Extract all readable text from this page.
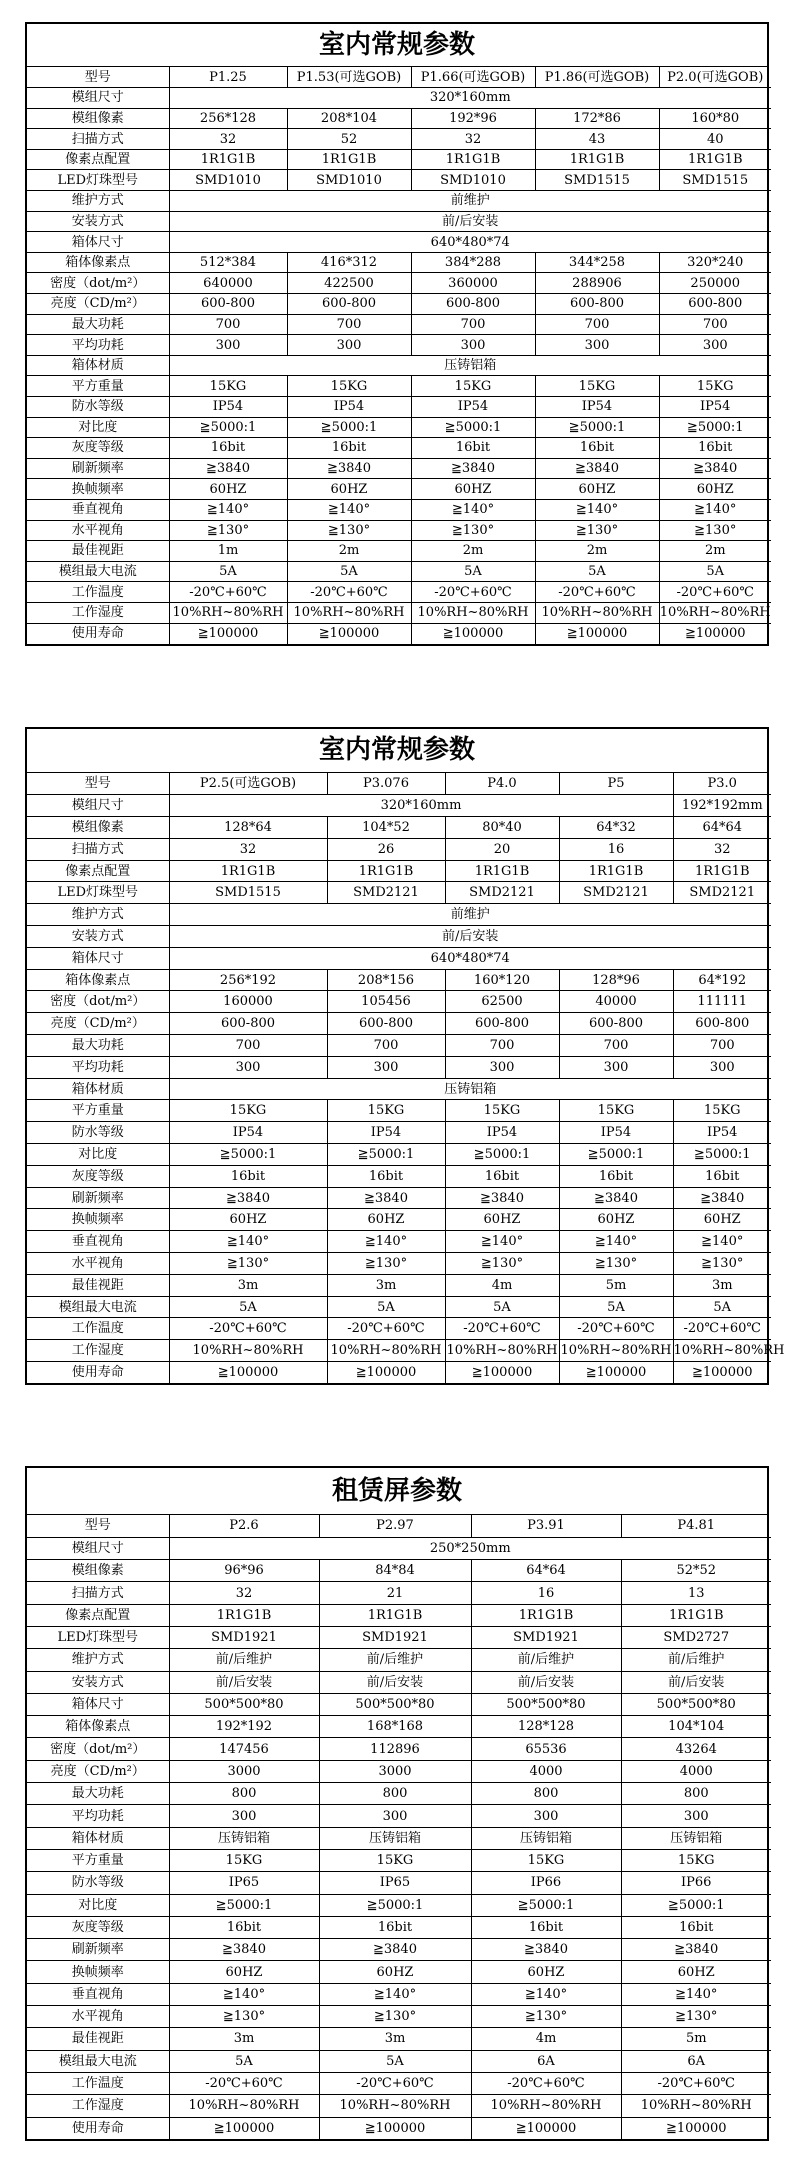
室内常规参数
型号	P1.25	P1.53(可选GOB)	P1.66(可选GOB)	P1.86(可选GOB)	P2.0(可选GOB)
模组尺寸	320*160mm				
模组像素	256*128	208*104	192*96	172*86	160*80
扫描方式	32	52	32	43	40
像素点配置	1R1G1B	1R1G1B	1R1G1B	1R1G1B	1R1G1B
LED灯珠型号	SMD1010	SMD1010	SMD1010	SMD1515	SMD1515
维护方式	前维护				
安装方式	前/后安装				
箱体尺寸	640*480*74				
箱体像素点	512*384	416*312	384*288	344*258	320*240
密度（dot/m²）	640000	422500	360000	288906	250000
亮度（CD/m²）	600-800	600-800	600-800	600-800	600-800
最大功耗	700	700	700	700	700
平均功耗	300	300	300	300	300
箱体材质	压铸铝箱				
平方重量	15KG	15KG	15KG	15KG	15KG
防水等级	IP54	IP54	IP54	IP54	IP54
对比度	≧5000:1	≧5000:1	≧5000:1	≧5000:1	≧5000:1
灰度等级	16bit	16bit	16bit	16bit	16bit
刷新频率	≧3840	≧3840	≧3840	≧3840	≧3840
换帧频率	60HZ	60HZ	60HZ	60HZ	60HZ
垂直视角	≧140°	≧140°	≧140°	≧140°	≧140°
水平视角	≧130°	≧130°	≧130°	≧130°	≧130°
最佳视距	1m	2m	2m	2m	2m
模组最大电流	5A	5A	5A	5A	5A
工作温度	-20℃+60℃	-20℃+60℃	-20℃+60℃	-20℃+60℃	-20℃+60℃
工作湿度	10%RH~80%RH	10%RH~80%RH	10%RH~80%RH	10%RH~80%RH	10%RH~80%RH
使用寿命	≧100000	≧100000	≧100000	≧100000	≧100000
室内常规参数
型号	P2.5(可选GOB)	P3.076	P4.0	P5	P3.0
模组尺寸	320*160mm				192*192mm
模组像素	128*64	104*52	80*40	64*32	64*64
扫描方式	32	26	20	16	32
像素点配置	1R1G1B	1R1G1B	1R1G1B	1R1G1B	1R1G1B
LED灯珠型号	SMD1515	SMD2121	SMD2121	SMD2121	SMD2121
维护方式	前维护				
安装方式	前/后安装				
箱体尺寸	640*480*74				
箱体像素点	256*192	208*156	160*120	128*96	64*192
密度（dot/m²）	160000	105456	62500	40000	111111
亮度（CD/m²）	600-800	600-800	600-800	600-800	600-800
最大功耗	700	700	700	700	700
平均功耗	300	300	300	300	300
箱体材质	压铸铝箱				
平方重量	15KG	15KG	15KG	15KG	15KG
防水等级	IP54	IP54	IP54	IP54	IP54
对比度	≧5000:1	≧5000:1	≧5000:1	≧5000:1	≧5000:1
灰度等级	16bit	16bit	16bit	16bit	16bit
刷新频率	≧3840	≧3840	≧3840	≧3840	≧3840
换帧频率	60HZ	60HZ	60HZ	60HZ	60HZ
垂直视角	≧140°	≧140°	≧140°	≧140°	≧140°
水平视角	≧130°	≧130°	≧130°	≧130°	≧130°
最佳视距	3m	3m	4m	5m	3m
模组最大电流	5A	5A	5A	5A	5A
工作温度	-20℃+60℃	-20℃+60℃	-20℃+60℃	-20℃+60℃	-20℃+60℃
工作湿度	10%RH~80%RH	10%RH~80%RH	10%RH~80%RH	10%RH~80%RH	10%RH~80%RH
使用寿命	≧100000	≧100000	≧100000	≧100000	≧100000
租赁屏参数
型号	P2.6	P2.97	P3.91	P4.81
模组尺寸	250*250mm			
模组像素	96*96	84*84	64*64	52*52
扫描方式	32	21	16	13
像素点配置	1R1G1B	1R1G1B	1R1G1B	1R1G1B
LED灯珠型号	SMD1921	SMD1921	SMD1921	SMD2727
维护方式	前/后维护	前/后维护	前/后维护	前/后维护
安装方式	前/后安装	前/后安装	前/后安装	前/后安装
箱体尺寸	500*500*80	500*500*80	500*500*80	500*500*80
箱体像素点	192*192	168*168	128*128	104*104
密度（dot/m²）	147456	112896	65536	43264
亮度（CD/m²）	3000	3000	4000	4000
最大功耗	800	800	800	800
平均功耗	300	300	300	300
箱体材质	压铸铝箱	压铸铝箱	压铸铝箱	压铸铝箱
平方重量	15KG	15KG	15KG	15KG
防水等级	IP65	IP65	IP66	IP66
对比度	≧5000:1	≧5000:1	≧5000:1	≧5000:1
灰度等级	16bit	16bit	16bit	16bit
刷新频率	≧3840	≧3840	≧3840	≧3840
换帧频率	60HZ	60HZ	60HZ	60HZ
垂直视角	≧140°	≧140°	≧140°	≧140°
水平视角	≧130°	≧130°	≧130°	≧130°
最佳视距	3m	3m	4m	5m
模组最大电流	5A	5A	6A	6A
工作温度	-20℃+60℃	-20℃+60℃	-20℃+60℃	-20℃+60℃
工作湿度	10%RH~80%RH	10%RH~80%RH	10%RH~80%RH	10%RH~80%RH
使用寿命	≧100000	≧100000	≧100000	≧100000
